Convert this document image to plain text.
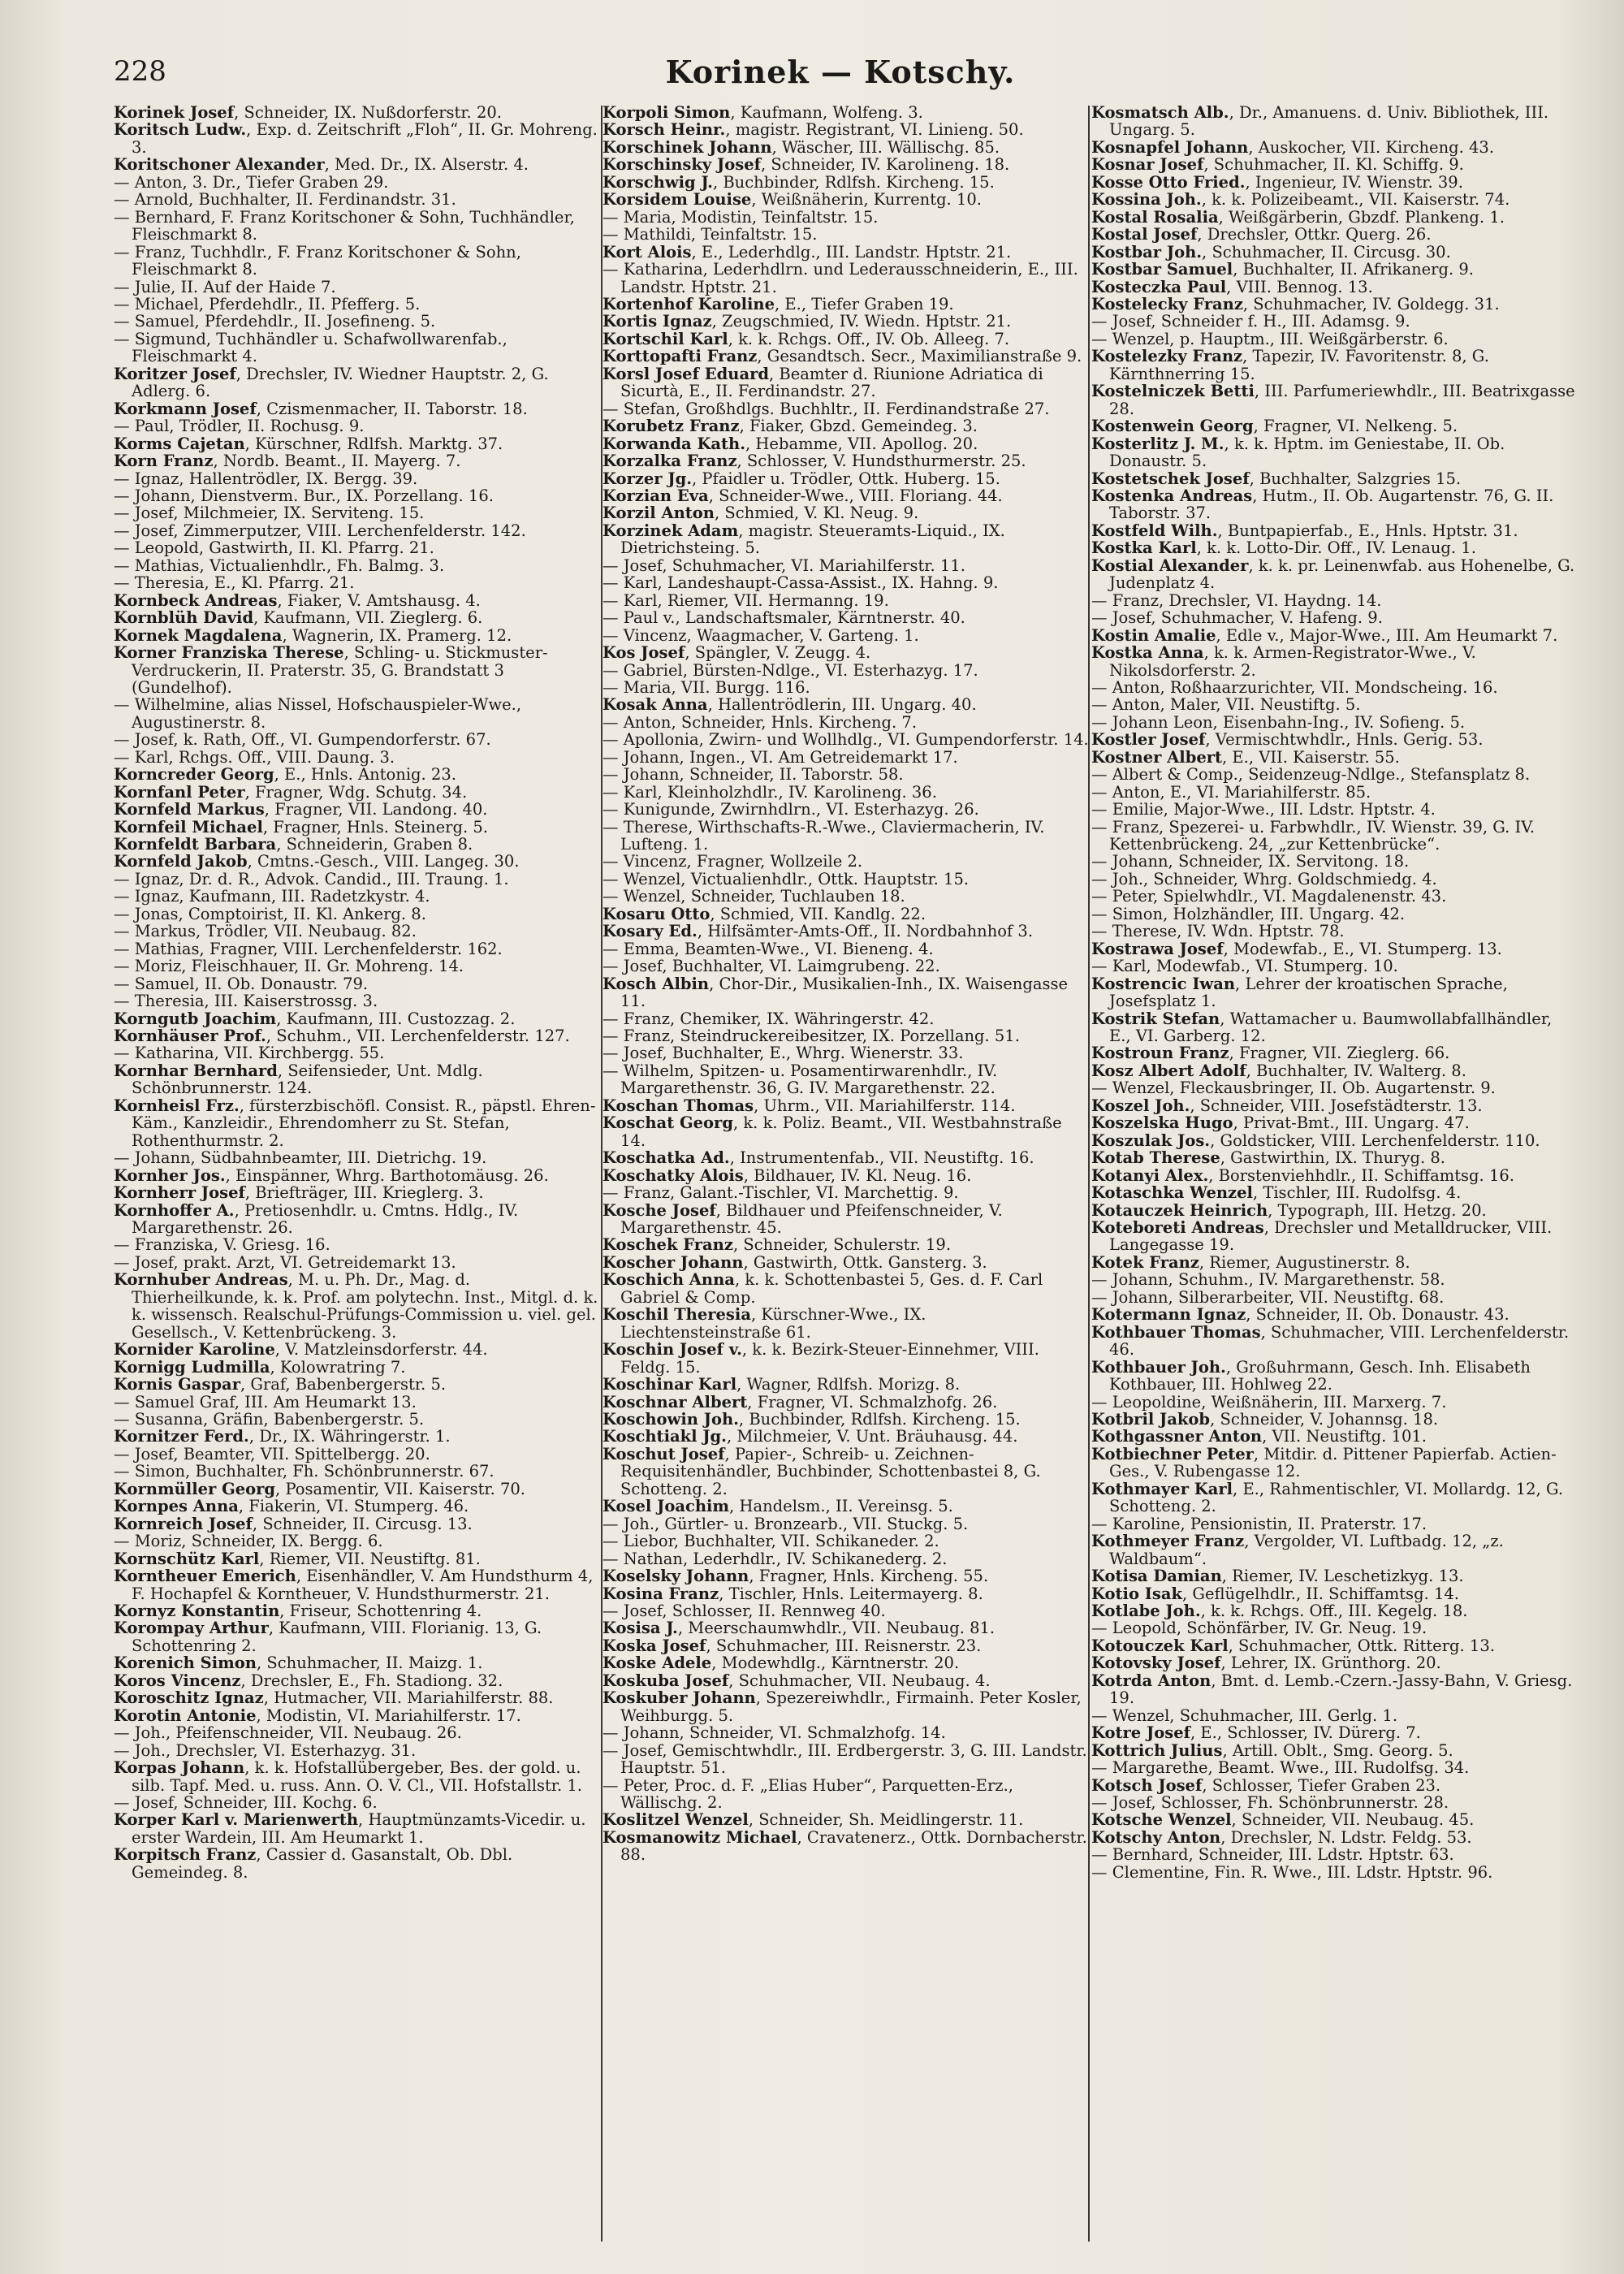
228	Korinek — Kotschy.

Korinek Josef, Schneider, IX. Nußdorferstr. 20.

Koritsch Ludw., Exp. d. Zeitschrift „Floh“, II. Gr. Mohreng. 3.

Koritschoner Alexander, Med. Dr., IX. Alserstr. 4.

— Anton, 3. Dr., Tiefer Graben 29.

— Arnold, Buchhalter, II. Ferdinandstr. 31.

— Bernhard, F. Franz Koritschoner & Sohn, Tuchhändler, Fleischmarkt 8.

— Franz, Tuchhdlr., F. Franz Koritschoner & Sohn, Fleischmarkt 8.

— Julie, II. Auf der Haide 7.

— Michael, Pferdehdlr., II. Pfefferg. 5.

— Samuel, Pferdehdlr., II. Josefineng. 5.

— Sigmund, Tuchhändler u. Schafwollwarenfab., Fleischmarkt 4.

Koritzer Josef, Drechsler, IV. Wiedner Hauptstr. 2, G. Adlerg. 6.

Korkmann Josef, Czismenmacher, II. Taborstr. 18.

— Paul, Trödler, II. Rochusg. 9.

Korms Cajetan, Kürschner, Rdlfsh. Marktg. 37.

Korn Franz, Nordb. Beamt., II. Mayerg. 7.

— Ignaz, Hallentrödler, IX. Bergg. 39.

— Johann, Dienstverm. Bur., IX. Porzellang. 16.

— Josef, Milchmeier, IX. Serviteng. 15.

— Josef, Zimmerputzer, VIII. Lerchenfelderstr. 142.

— Leopold, Gastwirth, II. Kl. Pfarrg. 21.

— Mathias, Victualienhdlr., Fh. Balmg. 3.

— Theresia, E., Kl. Pfarrg. 21.

Kornbeck Andreas, Fiaker, V. Amtshausg. 4.

Kornblüh David, Kaufmann, VII. Zieglerg. 6.

Kornek Magdalena, Wagnerin, IX. Pramerg. 12.

Korner Franziska Therese, Schling- u. Stickmuster-Verdruckerin, II. Praterstr. 35, G. Brandstatt 3 (Gundelhof).

— Wilhelmine, alias Nissel, Hofschauspieler-Wwe., Augustinerstr. 8.

— Josef, k. Rath, Off., VI. Gumpendorferstr. 67.

— Karl, Rchgs. Off., VIII. Daung. 3.

Korncreder Georg, E., Hnls. Antonig. 23.

Kornfanl Peter, Fragner, Wdg. Schutg. 34.

Kornfeld Markus, Fragner, VII. Landong. 40.

Kornfeil Michael, Fragner, Hnls. Steinerg. 5.

Kornfeldt Barbara, Schneiderin, Graben 8.

Kornfeld Jakob, Cmtns.-Gesch., VIII. Langeg. 30.

— Ignaz, Dr. d. R., Advok. Candid., III. Traung. 1.

— Ignaz, Kaufmann, III. Radetzkystr. 4.

— Jonas, Comptoirist, II. Kl. Ankerg. 8.

— Markus, Trödler, VII. Neubaug. 82.

— Mathias, Fragner, VIII. Lerchenfelderstr. 162.

— Moriz, Fleischhauer, II. Gr. Mohreng. 14.

— Samuel, II. Ob. Donaustr. 79.

— Theresia, III. Kaiserstrossg. 3.

Korngutb Joachim, Kaufmann, III. Custozzag. 2.

Kornhäuser Prof., Schuhm., VII. Lerchenfelderstr. 127.

— Katharina, VII. Kirchbergg. 55.

Kornhar Bernhard, Seifensieder, Unt. Mdlg. Schönbrunnerstr. 124.

Kornheisl Frz., fürsterzbischöfl. Consist. R., päpstl. Ehren-Käm., Kanzleidir., Ehrendomherr zu St. Stefan, Rothenthurmstr. 2.

— Johann, Südbahnbeamter, III. Dietrichg. 19.

Kornher Jos., Einspänner, Whrg. Barthotomäusg. 26.

Kornherr Josef, Briefträger, III. Krieglerg. 3.

Kornhoffer A., Pretiosenhdlr. u. Cmtns. Hdlg., IV. Margarethenstr. 26.

— Franziska, V. Griesg. 16.

— Josef, prakt. Arzt, VI. Getreidemarkt 13.

Kornhuber Andreas, M. u. Ph. Dr., Mag. d. Thierheilkunde, k. k. Prof. am polytechn. Inst., Mitgl. d. k. k. wissensch. Realschul-Prüfungs-Commission u. viel. gel. Gesellsch., V. Kettenbrückeng. 3.

Kornider Karoline, V. Matzleinsdorferstr. 44.

Kornigg Ludmilla, Kolowratring 7.

Kornis Gaspar, Graf, Babenbergerstr. 5.

— Samuel Graf, III. Am Heumarkt 13.

— Susanna, Gräfin, Babenbergerstr. 5.

Kornitzer Ferd., Dr., IX. Währingerstr. 1.

— Josef, Beamter, VII. Spittelbergg. 20.

— Simon, Buchhalter, Fh. Schönbrunnerstr. 67.

Kornmüller Georg, Posamentir, VII. Kaiserstr. 70.

Kornpes Anna, Fiakerin, VI. Stumperg. 46.

Kornreich Josef, Schneider, II. Circusg. 13.

— Moriz, Schneider, IX. Bergg. 6.

Kornschütz Karl, Riemer, VII. Neustiftg. 81.

Korntheuer Emerich, Eisenhändler, V. Am Hundsthurm 4, F. Hochapfel & Korntheuer, V. Hundsthurmerstr. 21.

Kornyz Konstantin, Friseur, Schottenring 4.

Korompay Arthur, Kaufmann, VIII. Florianig. 13, G. Schottenring 2.

Korenich Simon, Schuhmacher, II. Maizg. 1.

Koros Vincenz, Drechsler, E., Fh. Stadiong. 32.

Koroschitz Ignaz, Hutmacher, VII. Mariahilferstr. 88.

Korotin Antonie, Modistin, VI. Mariahilferstr. 17.

— Joh., Pfeifenschneider, VII. Neubaug. 26.

— Joh., Drechsler, VI. Esterhazyg. 31.

Korpas Johann, k. k. Hofstallübergeber, Bes. der gold. u. silb. Tapf. Med. u. russ. Ann. O. V. Cl., VII. Hofstallstr. 1.

— Josef, Schneider, III. Kochg. 6.

Korper Karl v. Marienwerth, Hauptmünzamts-Vicedir. u. erster Wardein, III. Am Heumarkt 1.

Korpitsch Franz, Cassier d. Gasanstalt, Ob. Dbl. Gemeindeg. 8.

Korpoli Simon, Kaufmann, Wolfeng. 3.

Korsch Heinr., magistr. Registrant, VI. Linieng. 50.

Korschinek Johann, Wäscher, III. Wällischg. 85.

Korschinsky Josef, Schneider, IV. Karolineng. 18.

Korschwig J., Buchbinder, Rdlfsh. Kircheng. 15.

Korsidem Louise, Weißnäherin, Kurrentg. 10.

— Maria, Modistin, Teinfaltstr. 15.

— Mathildi, Teinfaltstr. 15.

Kort Alois, E., Lederhdlg., III. Landstr. Hptstr. 21.

— Katharina, Lederhdlrn. und Lederausschneiderin, E., III. Landstr. Hptstr. 21.

Kortenhof Karoline, E., Tiefer Graben 19.

Kortis Ignaz, Zeugschmied, IV. Wiedn. Hptstr. 21.

Kortschil Karl, k. k. Rchgs. Off., IV. Ob. Alleeg. 7.

Korttopafti Franz, Gesandtsch. Secr., Maximilianstraße 9.

Korsl Josef Eduard, Beamter d. Riunione Adriatica di Sicurtà, E., II. Ferdinandstr. 27.

— Stefan, Großhdlgs. Buchhltr., II. Ferdinandstraße 27.

Korubetz Franz, Fiaker, Gbzd. Gemeindeg. 3.

Korwanda Kath., Hebamme, VII. Apollog. 20.

Korzalka Franz, Schlosser, V. Hundsthurmerstr. 25.

Korzer Jg., Pfaidler u. Trödler, Ottk. Huberg. 15.

Korzian Eva, Schneider-Wwe., VIII. Floriang. 44.

Korzil Anton, Schmied, V. Kl. Neug. 9.

Korzinek Adam, magistr. Steueramts-Liquid., IX. Dietrichsteing. 5.

— Josef, Schuhmacher, VI. Mariahilferstr. 11.

— Karl, Landeshaupt-Cassa-Assist., IX. Hahng. 9.

— Karl, Riemer, VII. Hermanng. 19.

— Paul v., Landschaftsmaler, Kärntnerstr. 40.

— Vincenz, Waagmacher, V. Garteng. 1.

Kos Josef, Spängler, V. Zeugg. 4.

— Gabriel, Bürsten-Ndlge., VI. Esterhazyg. 17.

— Maria, VII. Burgg. 116.

Kosak Anna, Hallentrödlerin, III. Ungarg. 40.

— Anton, Schneider, Hnls. Kircheng. 7.

— Apollonia, Zwirn- und Wollhdlg., VI. Gumpendorferstr. 14.

— Johann, Ingen., VI. Am Getreidemarkt 17.

— Johann, Schneider, II. Taborstr. 58.

— Karl, Kleinholzhdlr., IV. Karolineng. 36.

— Kunigunde, Zwirnhdlrn., VI. Esterhazyg. 26.

— Therese, Wirthschafts-R.-Wwe., Claviermacherin, IV. Lufteng. 1.

— Vincenz, Fragner, Wollzeile 2.

— Wenzel, Victualienhdlr., Ottk. Hauptstr. 15.

— Wenzel, Schneider, Tuchlauben 18.

Kosaru Otto, Schmied, VII. Kandlg. 22.

Kosary Ed., Hilfsämter-Amts-Off., II. Nordbahnhof 3.

— Emma, Beamten-Wwe., VI. Bieneng. 4.

— Josef, Buchhalter, VI. Laimgrubeng. 22.

Kosch Albin, Chor-Dir., Musikalien-Inh., IX. Waisengasse 11.

— Franz, Chemiker, IX. Währingerstr. 42.

— Franz, Steindruckereibesitzer, IX. Porzellang. 51.

— Josef, Buchhalter, E., Whrg. Wienerstr. 33.

— Wilhelm, Spitzen- u. Posamentirwarenhdlr., IV. Margarethenstr. 36, G. IV. Margarethenstr. 22.

Koschan Thomas, Uhrm., VII. Mariahilferstr. 114.

Koschat Georg, k. k. Poliz. Beamt., VII. Westbahnstraße 14.

Koschatka Ad., Instrumentenfab., VII. Neustiftg. 16.

Koschatky Alois, Bildhauer, IV. Kl. Neug. 16.

— Franz, Galant.-Tischler, VI. Marchettig. 9.

Kosche Josef, Bildhauer und Pfeifenschneider, V. Margarethenstr. 45.

Koschek Franz, Schneider, Schulerstr. 19.

Koscher Johann, Gastwirth, Ottk. Gansterg. 3.

Koschich Anna, k. k. Schottenbastei 5, Ges. d. F. Carl Gabriel & Comp.

Koschil Theresia, Kürschner-Wwe., IX. Liechtensteinstraße 61.

Koschin Josef v., k. k. Bezirk-Steuer-Einnehmer, VIII. Feldg. 15.

Koschinar Karl, Wagner, Rdlfsh. Morizg. 8.

Koschnar Albert, Fragner, VI. Schmalzhofg. 26.

Koschowin Joh., Buchbinder, Rdlfsh. Kircheng. 15.

Koschtiakl Jg., Milchmeier, V. Unt. Bräuhausg. 44.

Koschut Josef, Papier-, Schreib- u. Zeichnen-Requisitenhändler, Buchbinder, Schottenbastei 8, G. Schotteng. 2.

Kosel Joachim, Handelsm., II. Vereinsg. 5.

— Joh., Gürtler- u. Bronzearb., VII. Stuckg. 5.

— Liebor, Buchhalter, VII. Schikaneder. 2.

— Nathan, Lederhdlr., IV. Schikanederg. 2.

Koselsky Johann, Fragner, Hnls. Kircheng. 55.

Kosina Franz, Tischler, Hnls. Leitermayerg. 8.

— Josef, Schlosser, II. Rennweg 40.

Kosisa J., Meerschaumwhdlr., VII. Neubaug. 81.

Koska Josef, Schuhmacher, III. Reisnerstr. 23.

Koske Adele, Modewhdlg., Kärntnerstr. 20.

Koskuba Josef, Schuhmacher, VII. Neubaug. 4.

Koskuber Johann, Spezereiwhdlr., Firmainh. Peter Kosler, Weihburgg. 5.

— Johann, Schneider, VI. Schmalzhofg. 14.

— Josef, Gemischtwhdlr., III. Erdbergerstr. 3, G. III. Landstr. Hauptstr. 51.

— Peter, Proc. d. F. „Elias Huber“, Parquetten-Erz., Wällischg. 2.

Koslitzel Wenzel, Schneider, Sh. Meidlingerstr. 11.

Kosmanowitz Michael, Cravatenerz., Ottk. Dornbacherstr. 88.

Kosmatsch Alb., Dr., Amanuens. d. Univ. Bibliothek, III. Ungarg. 5.

Kosnapfel Johann, Auskocher, VII. Kircheng. 43.

Kosnar Josef, Schuhmacher, II. Kl. Schiffg. 9.

Kosse Otto Fried., Ingenieur, IV. Wienstr. 39.

Kossina Joh., k. k. Polizeibeamt., VII. Kaiserstr. 74.

Kostal Rosalia, Weißgärberin, Gbzdf. Plankeng. 1.

Kostal Josef, Drechsler, Ottkr. Querg. 26.

Kostbar Joh., Schuhmacher, II. Circusg. 30.

Kostbar Samuel, Buchhalter, II. Afrikanerg. 9.

Kosteczka Paul, VIII. Bennog. 13.

Kostelecky Franz, Schuhmacher, IV. Goldegg. 31.

— Josef, Schneider f. H., III. Adamsg. 9.

— Wenzel, p. Hauptm., III. Weißgärberstr. 6.

Kostelezky Franz, Tapezir, IV. Favoritenstr. 8, G. Kärnthnerring 15.

Kostelniczek Betti, III. Parfumeriewhdlr., III. Beatrixgasse 28.

Kostenwein Georg, Fragner, VI. Nelkeng. 5.

Kosterlitz J. M., k. k. Hptm. im Geniestabe, II. Ob. Donaustr. 5.

Kostetschek Josef, Buchhalter, Salzgries 15.

Kostenka Andreas, Hutm., II. Ob. Augartenstr. 76, G. II. Taborstr. 37.

Kostfeld Wilh., Buntpapierfab., E., Hnls. Hptstr. 31.

Kostka Karl, k. k. Lotto-Dir. Off., IV. Lenaug. 1.

Kostial Alexander, k. k. pr. Leinenwfab. aus Hohenelbe, G. Judenplatz 4.

— Franz, Drechsler, VI. Haydng. 14.

— Josef, Schuhmacher, V. Hafeng. 9.

Kostin Amalie, Edle v., Major-Wwe., III. Am Heumarkt 7.

Kostka Anna, k. k. Armen-Registrator-Wwe., V. Nikolsdorferstr. 2.

— Anton, Roßhaarzurichter, VII. Mondscheing. 16.

— Anton, Maler, VII. Neustiftg. 5.

— Johann Leon, Eisenbahn-Ing., IV. Sofieng. 5.

Kostler Josef, Vermischtwhdlr., Hnls. Gerig. 53.

Kostner Albert, E., VII. Kaiserstr. 55.

— Albert & Comp., Seidenzeug-Ndlge., Stefansplatz 8.

— Anton, E., VI. Mariahilferstr. 85.

— Emilie, Major-Wwe., III. Ldstr. Hptstr. 4.

— Franz, Spezerei- u. Farbwhdlr., IV. Wienstr. 39, G. IV. Kettenbrückeng. 24, „zur Kettenbrücke“.

— Johann, Schneider, IX. Servitong. 18.

— Joh., Schneider, Whrg. Goldschmiedg. 4.

— Peter, Spielwhdlr., VI. Magdalenenstr. 43.

— Simon, Holzhändler, III. Ungarg. 42.

— Therese, IV. Wdn. Hptstr. 78.

Kostrawa Josef, Modewfab., E., VI. Stumperg. 13.

— Karl, Modewfab., VI. Stumperg. 10.

Kostrencic Iwan, Lehrer der kroatischen Sprache, Josefsplatz 1.

Kostrik Stefan, Wattamacher u. Baumwollabfallhändler, E., VI. Garberg. 12.

Kostroun Franz, Fragner, VII. Zieglerg. 66.

Kosz Albert Adolf, Buchhalter, IV. Walterg. 8.

— Wenzel, Fleckausbringer, II. Ob. Augartenstr. 9.

Koszel Joh., Schneider, VIII. Josefstädterstr. 13.

Koszelska Hugo, Privat-Bmt., III. Ungarg. 47.

Koszulak Jos., Goldsticker, VIII. Lerchenfelderstr. 110.

Kotab Therese, Gastwirthin, IX. Thuryg. 8.

Kotanyi Alex., Borstenviehhdlr., II. Schiffamtsg. 16.

Kotaschka Wenzel, Tischler, III. Rudolfsg. 4.

Kotauczek Heinrich, Typograph, III. Hetzg. 20.

Koteboreti Andreas, Drechsler und Metalldrucker, VIII. Langegasse 19.

Kotek Franz, Riemer, Augustinerstr. 8.

— Johann, Schuhm., IV. Margarethenstr. 58.

— Johann, Silberarbeiter, VII. Neustiftg. 68.

Kotermann Ignaz, Schneider, II. Ob. Donaustr. 43.

Kothbauer Thomas, Schuhmacher, VIII. Lerchenfelderstr. 46.

Kothbauer Joh., Großuhrmann, Gesch. Inh. Elisabeth Kothbauer, III. Hohlweg 22.

— Leopoldine, Weißnäherin, III. Marxerg. 7.

Kotbril Jakob, Schneider, V. Johannsg. 18.

Kothgassner Anton, VII. Neustiftg. 101.

Kotbiechner Peter, Mitdir. d. Pittener Papierfab. Actien-Ges., V. Rubengasse 12.

Kothmayer Karl, E., Rahmentischler, VI. Mollardg. 12, G. Schotteng. 2.

— Karoline, Pensionistin, II. Praterstr. 17.

Kothmeyer Franz, Vergolder, VI. Luftbadg. 12, „z. Waldbaum“.

Kotisa Damian, Riemer, IV. Leschetizkyg. 13.

Kotio Isak, Geflügelhdlr., II. Schiffamtsg. 14.

Kotlabe Joh., k. k. Rchgs. Off., III. Kegelg. 18.

— Leopold, Schönfärber, IV. Gr. Neug. 19.

Kotouczek Karl, Schuhmacher, Ottk. Ritterg. 13.

Kotovsky Josef, Lehrer, IX. Grünthorg. 20.

Kotrda Anton, Bmt. d. Lemb.-Czern.-Jassy-Bahn, V. Griesg. 19.

— Wenzel, Schuhmacher, III. Gerlg. 1.

Kotre Josef, E., Schlosser, IV. Dürerg. 7.

Kottrich Julius, Artill. Oblt., Smg. Georg. 5.

— Margarethe, Beamt. Wwe., III. Rudolfsg. 34.

Kotsch Josef, Schlosser, Tiefer Graben 23.

— Josef, Schlosser, Fh. Schönbrunnerstr. 28.

Kotsche Wenzel, Schneider, VII. Neubaug. 45.

Kotschy Anton, Drechsler, N. Ldstr. Feldg. 53.

— Bernhard, Schneider, III. Ldstr. Hptstr. 63.

— Clementine, Fin. R. Wwe., III. Ldstr. Hptstr. 96.
